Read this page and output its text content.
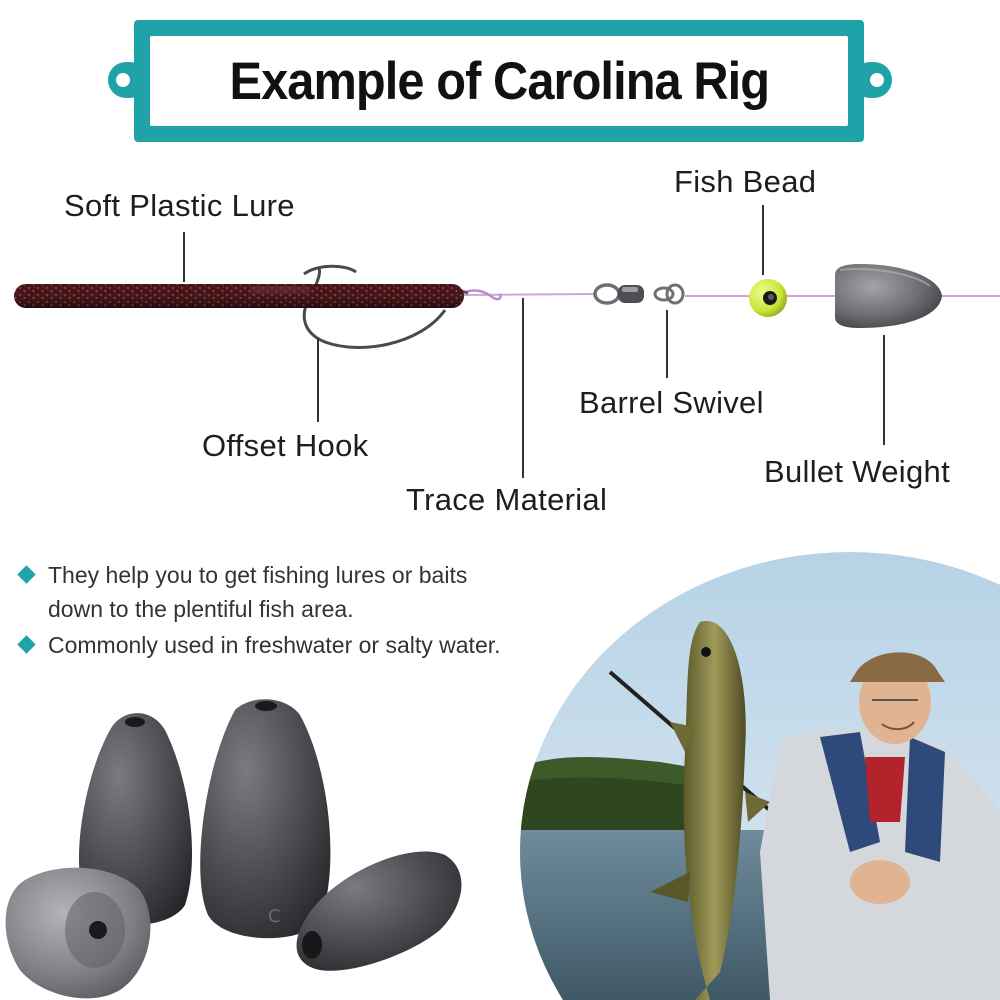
Example of Carolina Rig
Soft Plastic Lure
Fish Bead
Offset Hook
Barrel Swivel
Trace Material
Bullet Weight
They help you to get fishing lures or baits
down to the plentiful fish area.
Commonly used in freshwater or salty water.
C
